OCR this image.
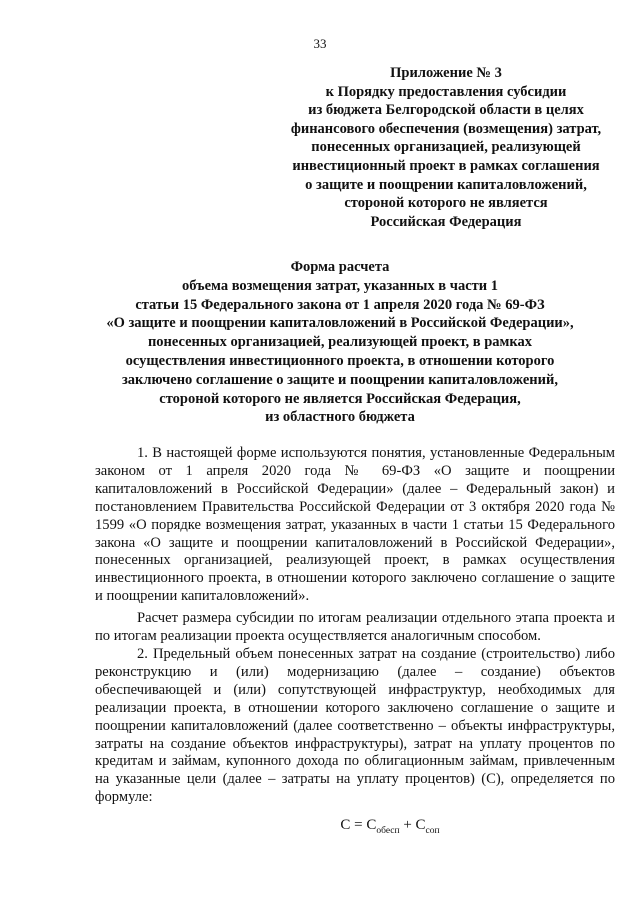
33
Приложение № 3
к Порядку предоставления субсидии
из бюджета Белгородской области в целях
финансового обеспечения (возмещения) затрат,
понесенных организацией, реализующей
инвестиционный проект в рамках соглашения
о защите и поощрении капиталовложений,
стороной которого не является
Российская Федерация
Форма расчета
объема возмещения затрат, указанных в части 1
статьи 15 Федерального закона от 1 апреля 2020 года № 69-ФЗ
«О защите и поощрении капиталовложений в Российской Федерации»,
понесенных организацией, реализующей проект, в рамках
осуществления инвестиционного проекта, в отношении которого
заключено соглашение о защите и поощрении капиталовложений,
стороной которого не является Российская Федерация,
из областного бюджета

1. В настоящей форме используются понятия, установленные Федеральным законом от 1 апреля 2020 года № 69-ФЗ «О защите и поощрении капиталовложений в Российской Федерации» (далее – Федеральный закон) и постановлением Правительства Российской Федерации от 3 октября 2020 года № 1599 «О порядке возмещения затрат, указанных в части 1 статьи 15 Федерального закона «О защите и поощрении капиталовложений в Российской Федерации», понесенных организацией, реализующей проект, в рамках осуществления инвестиционного проекта, в отношении которого заключено соглашение о защите и поощрении капиталовложений».

Расчет размера субсидии по итогам реализации отдельного этапа проекта и по итогам реализации проекта осуществляется аналогичным способом.

2. Предельный объем понесенных затрат на создание (строительство) либо реконструкцию и (или) модернизацию (далее – создание) объектов обеспечивающей и (или) сопутствующей инфраструктур, необходимых для реализации проекта, в отношении которого заключено соглашение о защите и поощрении капиталовложений (далее соответственно – объекты инфраструктуры, затраты на создание объектов инфраструктуры), затрат на уплату процентов по кредитам и займам, купонного дохода по облигационным займам, привлеченным на указанные цели (далее – затраты на уплату процентов) (С), определяется по формуле:

$С = С_{обесп} + С_{соп}$
